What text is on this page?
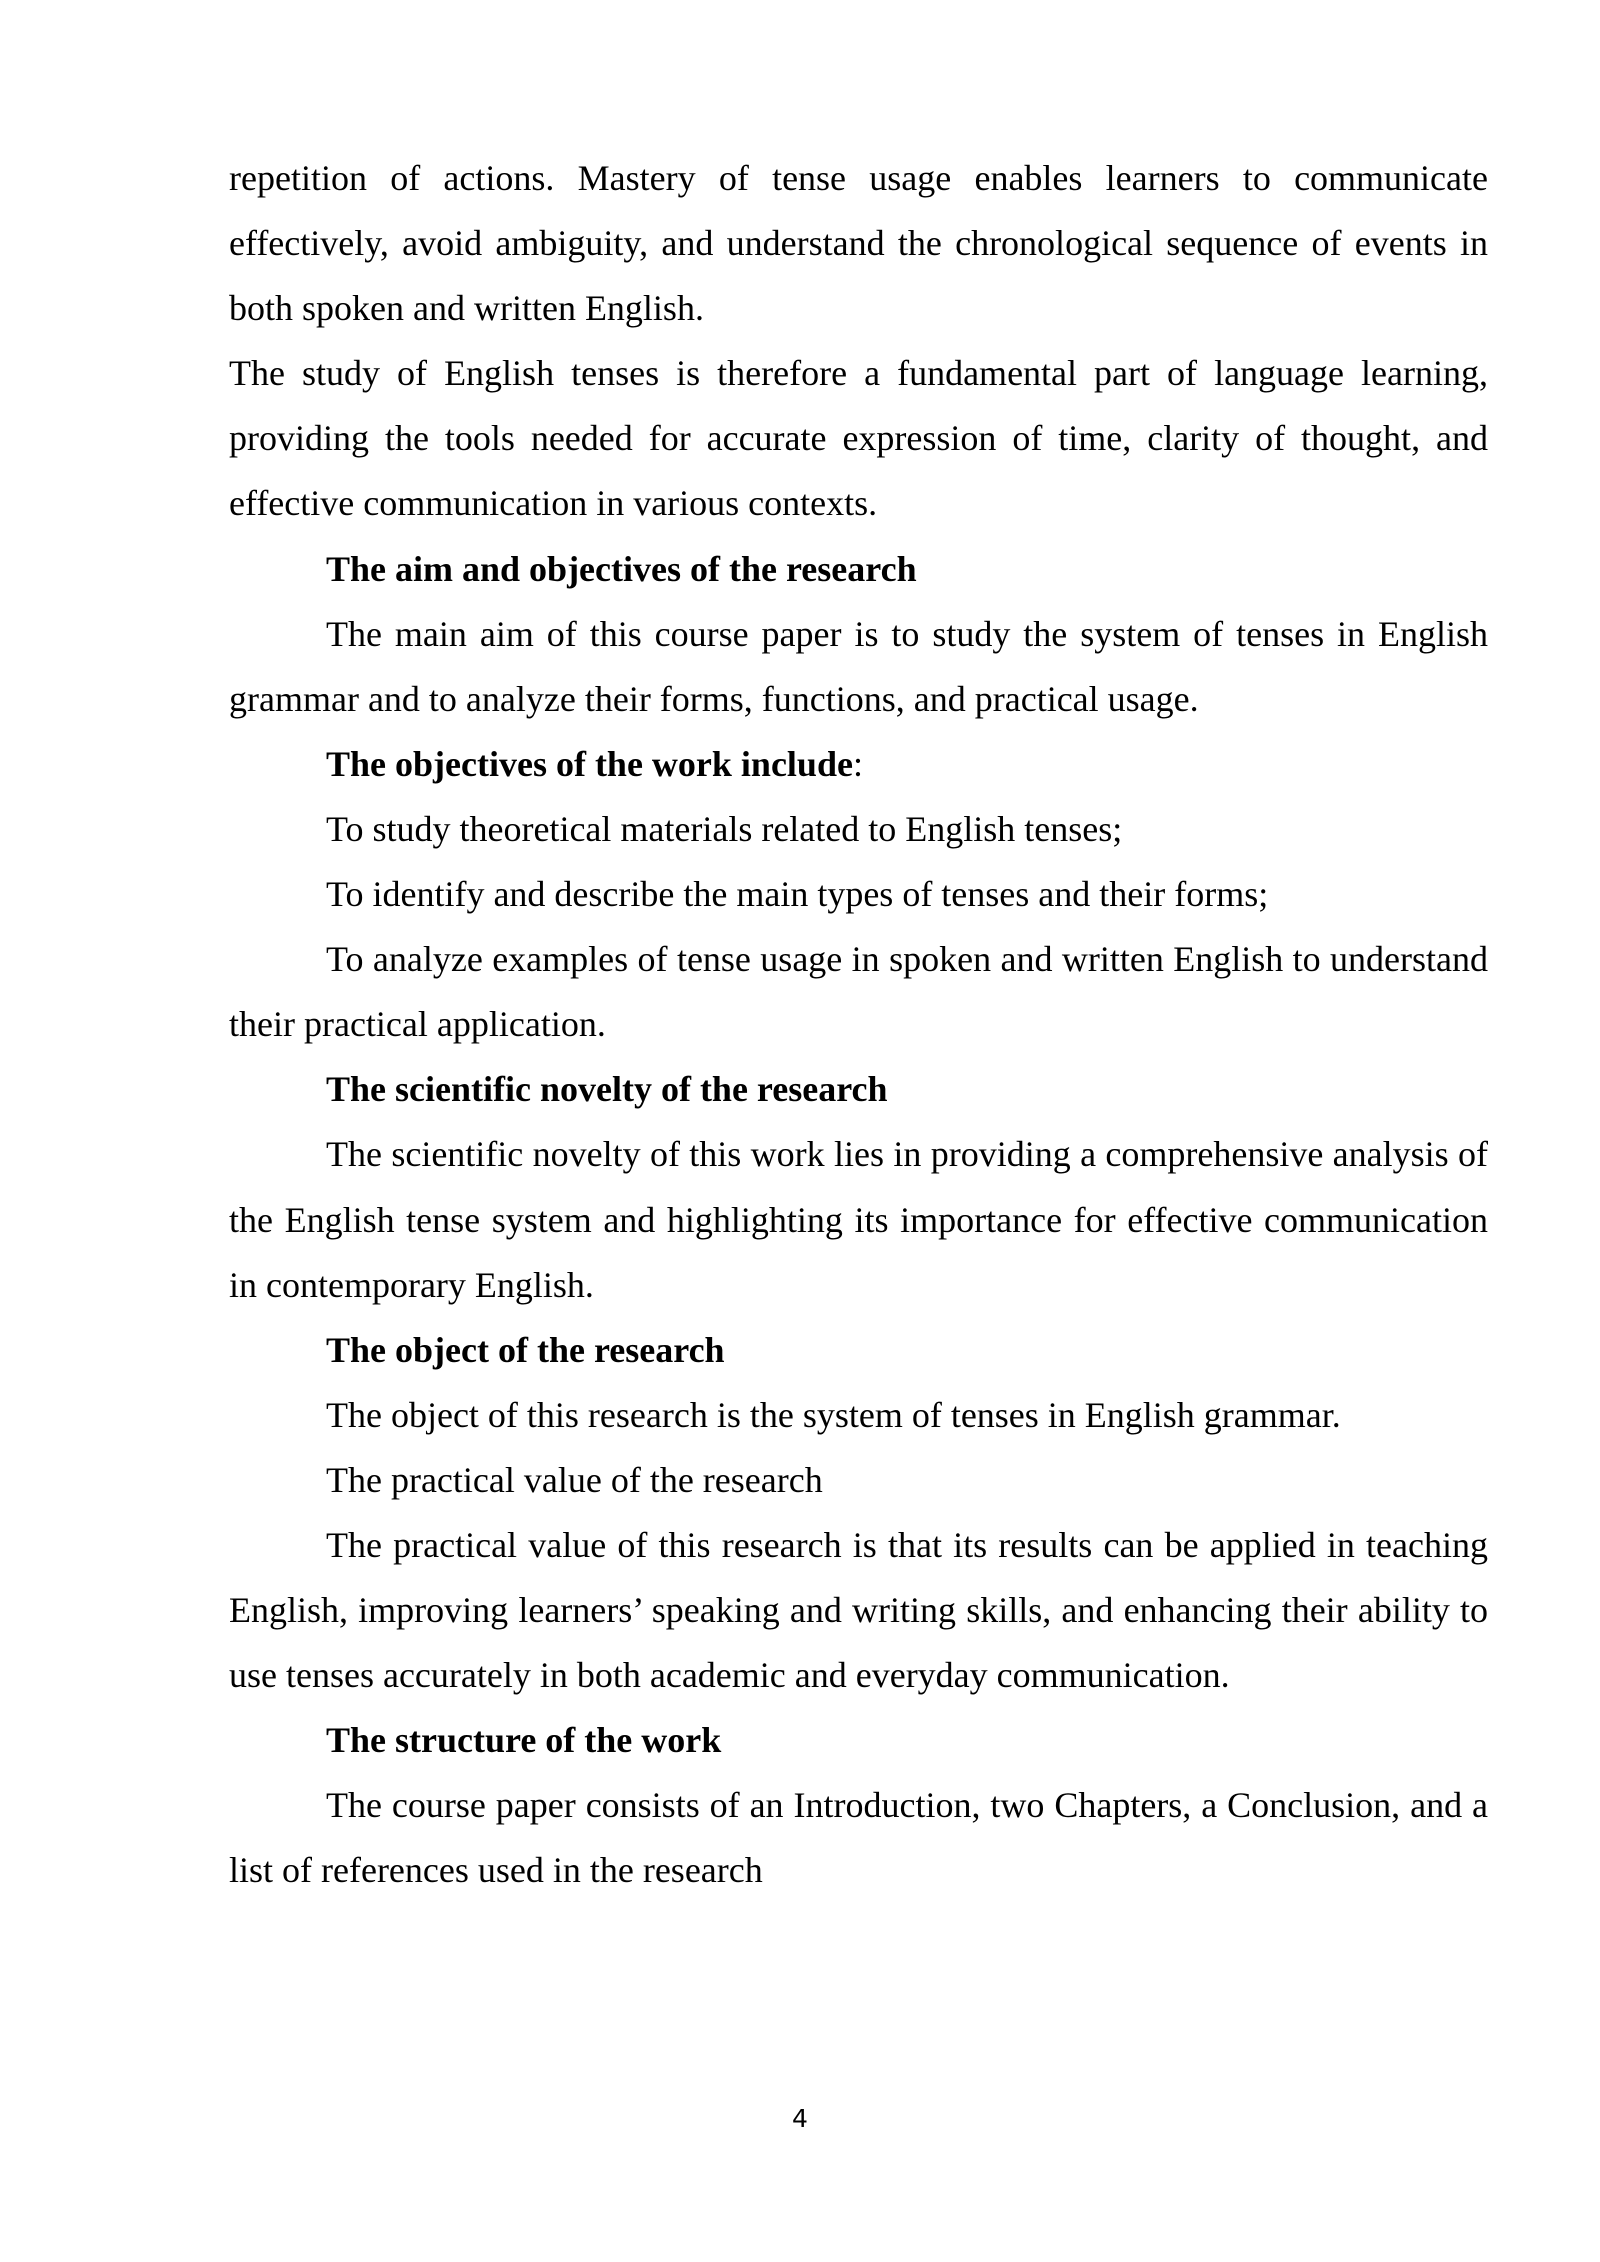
repetition of actions. Mastery of tense usage enables learners to communicate effectively, avoid ambiguity, and understand the chronological sequence of events in both spoken and written English.

The study of English tenses is therefore a fundamental part of language learning, providing the tools needed for accurate expression of time, clarity of thought, and effective communication in various contexts.

The aim and objectives of the research

The main aim of this course paper is to study the system of tenses in English grammar and to analyze their forms, functions, and practical usage.

The objectives of the work include:

To study theoretical materials related to English tenses;

To identify and describe the main types of tenses and their forms;

To analyze examples of tense usage in spoken and written English to understand their practical application.

The scientific novelty of the research

The scientific novelty of this work lies in providing a comprehensive analysis of the English tense system and highlighting its importance for effective communication in contemporary English.

The object of the research

The object of this research is the system of tenses in English grammar.

The practical value of the research

The practical value of this research is that its results can be applied in teaching English, improving learners’ speaking and writing skills, and enhancing their ability to use tenses accurately in both academic and everyday communication.

The structure of the work

The course paper consists of an Introduction, two Chapters, a Conclusion, and a list of references used in the research

4
